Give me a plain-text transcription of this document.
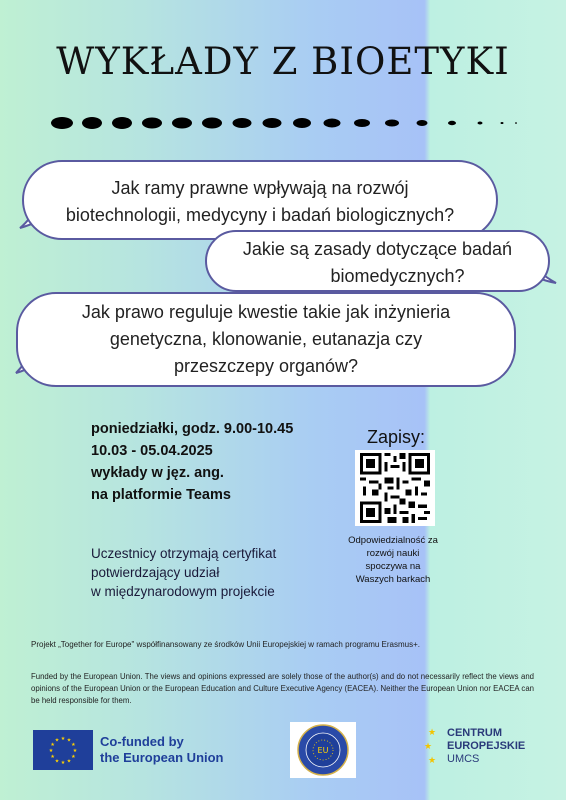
WYKŁADY Z BIOETYKI
Jak ramy prawne wpływają na rozwój
biotechnologii, medycyny i badań biologicznych?
Jakie są zasady dotyczące badań
biomedycznych?
Jak prawo reguluje kwestie takie jak inżynieria
genetyczna, klonowanie, eutanazja czy
przeszczepy organów?
poniedziałki, godz. 9.00-10.45
10.03 - 05.04.2025
wykłady w jęz. ang.
na platformie Teams
Zapisy:
Odpowiedzialność za
rozwój nauki
spoczywa na
Waszych barkach
Uczestnicy otrzymają certyfikat
potwierdzający udział
w międzynarodowym projekcie
Projekt „Together for Europe" współfinansowany ze środków Unii Europejskiej w ramach programu Erasmus+.
Funded by the European Union. The views and opinions expressed are solely those of the author(s) and do not necessarily reflect the views and opinions of the European Union or the European Education and Culture Executive Agency (EACEA). Neither the European Union nor EACEA can be held responsible for them.
★ ★
★
★
★
★
★
★
★
★
★
★	Co-funded by
the European Union	EU
★
★
★
CENTRUM
EUROPEJSKIE
UMCS
